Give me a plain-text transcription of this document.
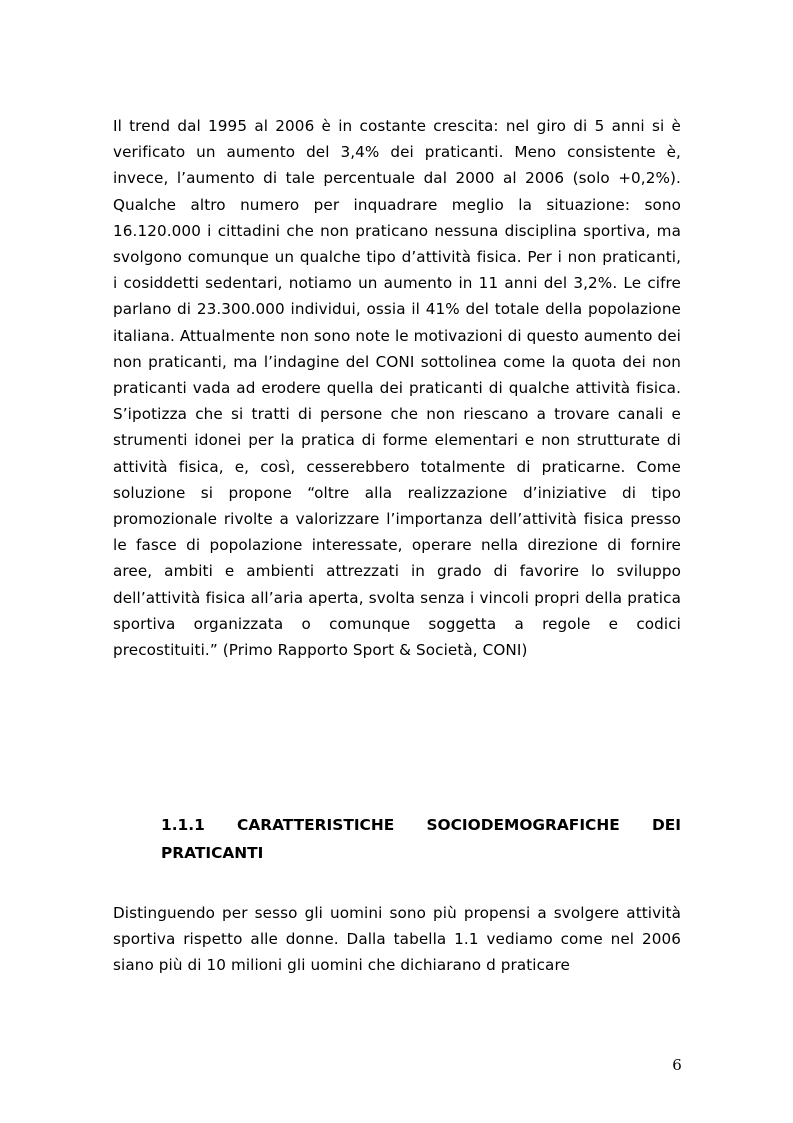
Il trend dal 1995 al 2006 è in costante crescita: nel giro di 5 anni si è verificato un aumento del 3,4% dei praticanti. Meno consistente è, invece, l’aumento di tale percentuale dal 2000 al 2006 (solo +0,2%). Qualche altro numero per inquadrare meglio la situazione: sono 16.120.000 i cittadini che non praticano nessuna disciplina sportiva, ma svolgono comunque un qualche tipo d’attività fisica. Per i non praticanti, i cosiddetti sedentari, notiamo un aumento in 11 anni del 3,2%. Le cifre parlano di 23.300.000 individui, ossia il 41% del totale della popolazione italiana. Attualmente non sono note le motivazioni di questo aumento dei non praticanti, ma l’indagine del CONI sottolinea come la quota dei non praticanti vada ad erodere quella dei praticanti di qualche attività fisica. S’ipotizza che si tratti di persone che non riescano a trovare canali e strumenti idonei per la pratica di forme elementari e non strutturate di attività fisica, e, così, cesserebbero totalmente di praticarne. Come soluzione si propone “oltre alla realizzazione d’iniziative di tipo promozionale rivolte a valorizzare l’importanza dell’attività fisica presso le fasce di popolazione interessate, operare nella direzione di fornire aree, ambiti e ambienti attrezzati in grado di favorire lo sviluppo dell’attività fisica all’aria aperta, svolta senza i vincoli propri della pratica sportiva organizzata o comunque soggetta a regole e codici precostituiti.” (Primo Rapporto Sport & Società, CONI)

1.1.1 CARATTERISTICHE SOCIODEMOGRAFICHE DEI
PRATICANTI

Distinguendo per sesso gli uomini sono più propensi a svolgere attività sportiva rispetto alle donne. Dalla tabella 1.1 vediamo come nel 2006 siano più di 10 milioni gli uomini che dichiarano d praticare

6
